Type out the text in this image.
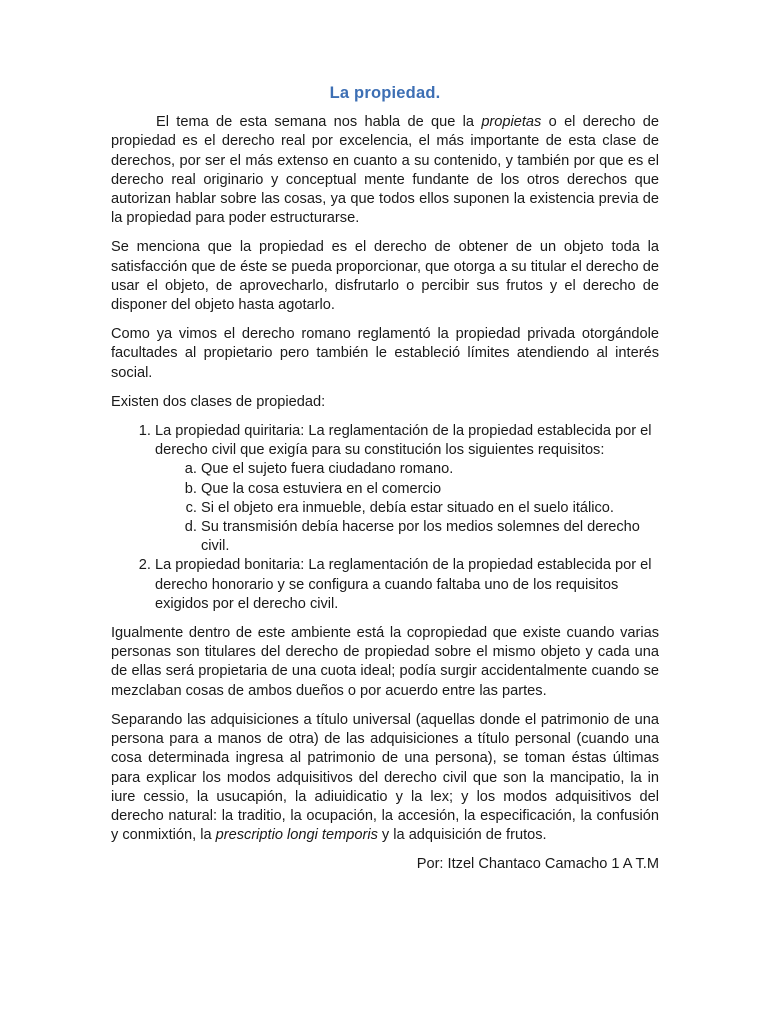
La propiedad.

El tema de esta semana nos habla de que la propietas o el derecho de propiedad es el derecho real por excelencia, el más importante de esta clase de derechos, por ser el más extenso en cuanto a su contenido, y también por que es el derecho real originario y conceptual mente fundante de los otros derechos que autorizan hablar sobre las cosas, ya que todos ellos suponen la existencia previa de la propiedad para poder estructurarse.

Se menciona que la propiedad es el derecho de obtener de un objeto toda la satisfacción que de éste se pueda proporcionar, que otorga a su titular el derecho de usar el objeto, de aprovecharlo, disfrutarlo o percibir sus frutos y el derecho de disponer del objeto hasta agotarlo.

Como ya vimos el derecho romano reglamentó la propiedad privada otorgándole facultades al propietario pero también le estableció límites atendiendo al interés social.

Existen dos clases de propiedad:

1. La propiedad quiritaria: La reglamentación de la propiedad establecida por el derecho civil que exigía para su constitución los siguientes requisitos:
a. Que el sujeto fuera ciudadano romano.
b. Que la cosa estuviera en el comercio
c. Si el objeto era inmueble, debía estar situado en el suelo itálico.
d. Su transmisión debía hacerse por los medios solemnes del derecho civil.
2. La propiedad bonitaria: La reglamentación de la propiedad establecida por el derecho honorario y se configura a cuando faltaba uno de los requisitos exigidos por el derecho civil.

Igualmente dentro de este ambiente está la copropiedad que existe cuando varias personas son titulares del derecho de propiedad sobre el mismo objeto y cada una de ellas será propietaria de una cuota ideal; podía surgir accidentalmente cuando se mezclaban cosas de ambos dueños o por acuerdo entre las partes.

Separando las adquisiciones a título universal (aquellas donde el patrimonio de una persona para a manos de otra) de las adquisiciones a título personal (cuando una cosa determinada ingresa al patrimonio de una persona), se toman éstas últimas para explicar los modos adquisitivos del derecho civil que son la mancipatio, la in iure cessio, la usucapión, la adiuidicatio y la lex; y los modos adquisitivos del derecho natural: la traditio, la ocupación, la accesión, la especificación, la confusión y conmixtión, la prescriptio longi temporis y la adquisición de frutos.

Por: Itzel Chantaco Camacho 1 A T.M
